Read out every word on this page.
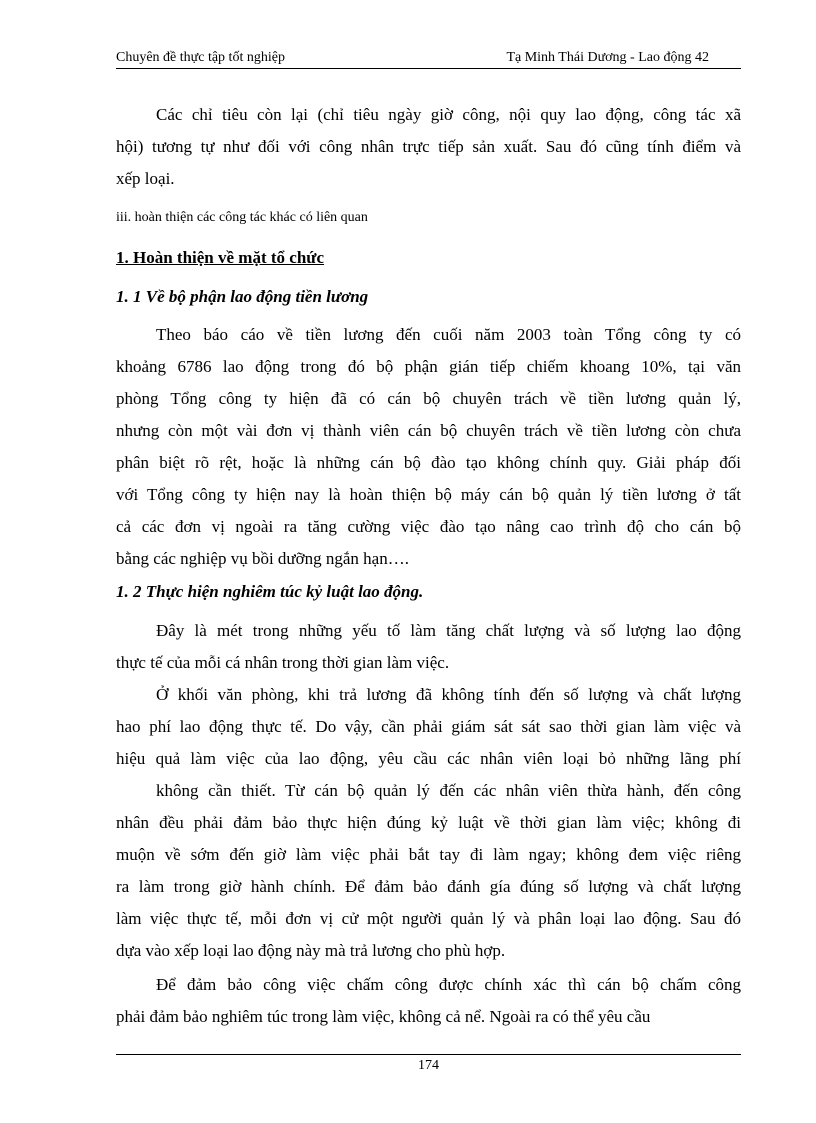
Chuyên đề thực tập tốt nghiệp	Tạ Minh Thái Dương - Lao động 42
Các chỉ tiêu còn lại (chỉ tiêu ngày giờ công, nội quy lao động, công tác xã
hội) tương tự như đối với công nhân trực tiếp sản xuất. Sau đó cũng tính điểm và
xếp loại.
iii. hoàn thiện các công tác khác có liên quan
1. Hoàn thiện về mặt tổ chức
1. 1 Về bộ phận lao động tiền lương
Theo báo cáo về tiền lương đến cuối năm 2003 toàn Tổng công ty có
khoảng 6786 lao động trong đó bộ phận gián tiếp chiếm khoang 10%, tại văn
phòng Tổng công ty hiện đã có cán bộ chuyên trách về tiền lương quản lý,
nhưng còn một vài đơn vị thành viên cán bộ chuyên trách về tiền lương còn chưa
phân biệt rõ rệt, hoặc là những cán bộ đào tạo không chính quy. Giải pháp đối
với Tổng công ty hiện nay là hoàn thiện bộ máy cán bộ quản lý tiền lương ở tất
cả các đơn vị ngoài ra tăng cường việc đào tạo nâng cao trình độ cho cán bộ
bằng các nghiệp vụ bồi dưỡng ngắn hạn….
1. 2 Thực hiện nghiêm túc kỷ luật lao động.
Đây là mét trong những yếu tố làm tăng chất lượng và số lượng lao động
thực tế của mỗi cá nhân trong thời gian làm việc.
Ở khối văn phòng, khi trả lương đã không tính đến số lượng và chất lượng
hao phí lao động thực tế. Do vậy, cần phải giám sát sát sao thời gian làm việc và
hiệu quả làm việc của lao động, yêu cầu các nhân viên loại bỏ những lãng phí
không cần thiết. Từ cán bộ quản lý đến các nhân viên thừa hành, đến công
nhân đều phải đảm bảo thực hiện đúng kỷ luật về thời gian làm việc; không đi
muộn về sớm đến giờ làm việc phải bắt tay đi làm ngay; không đem việc riêng
ra làm trong giờ hành chính. Để đảm bảo đánh gía đúng số lượng và chất lượng
làm việc thực tế, mỗi đơn vị cử một người quản lý và phân loại lao động. Sau đó
dựa vào xếp loại lao động này mà trả lương cho phù hợp.
Để đảm bảo công việc chấm công được chính xác thì cán bộ chấm công
phải đảm bảo nghiêm túc trong làm việc, không cả nể. Ngoài ra có thể yêu cầu
174
